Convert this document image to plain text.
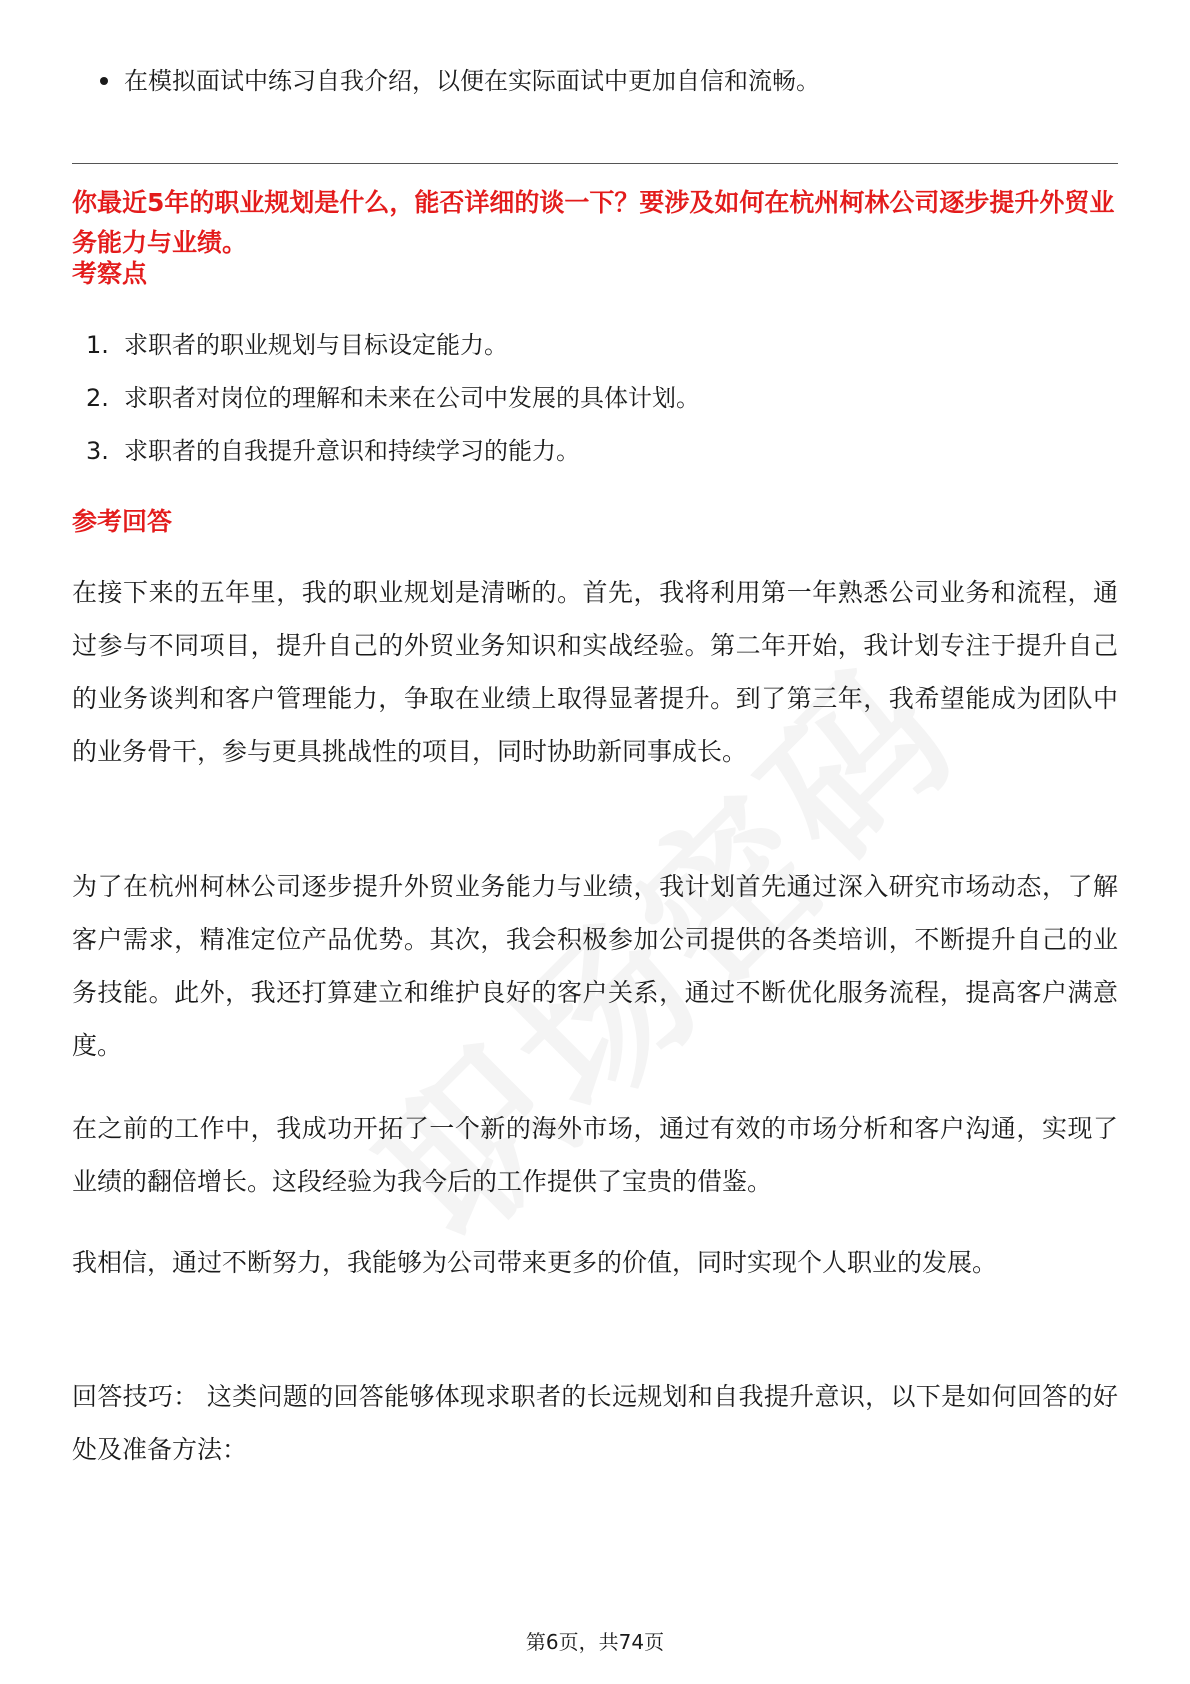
在模拟面试中练习自我介绍，以便在实际面试中更加自信和流畅。
你最近5年的职业规划是什么，能否详细的谈一下？要涉及如何在杭州柯林公司逐步提升外贸业务能力与业绩。
考察点
1. 求职者的职业规划与目标设定能力。
2. 求职者对岗位的理解和未来在公司中发展的具体计划。
3. 求职者的自我提升意识和持续学习的能力。
参考回答
在接下来的五年里，我的职业规划是清晰的。首先，我将利用第一年熟悉公司业务和流程，通过参与不同项目，提升自己的外贸业务知识和实战经验。第二年开始，我计划专注于提升自己的业务谈判和客户管理能力，争取在业绩上取得显著提升。到了第三年，我希望能成为团队中的业务骨干，参与更具挑战性的项目，同时协助新同事成长。
为了在杭州柯林公司逐步提升外贸业务能力与业绩，我计划首先通过深入研究市场动态，了解客户需求，精准定位产品优势。其次，我会积极参加公司提供的各类培训，不断提升自己的业务技能。此外，我还打算建立和维护良好的客户关系，通过不断优化服务流程，提高客户满意度。
在之前的工作中，我成功开拓了一个新的海外市场，通过有效的市场分析和客户沟通，实现了业绩的翻倍增长。这段经验为我今后的工作提供了宝贵的借鉴。
我相信，通过不断努力，我能够为公司带来更多的价值，同时实现个人职业的发展。
回答技巧： 这类问题的回答能够体现求职者的长远规划和自我提升意识，以下是如何回答的好处及准备方法：
第6页，共74页
